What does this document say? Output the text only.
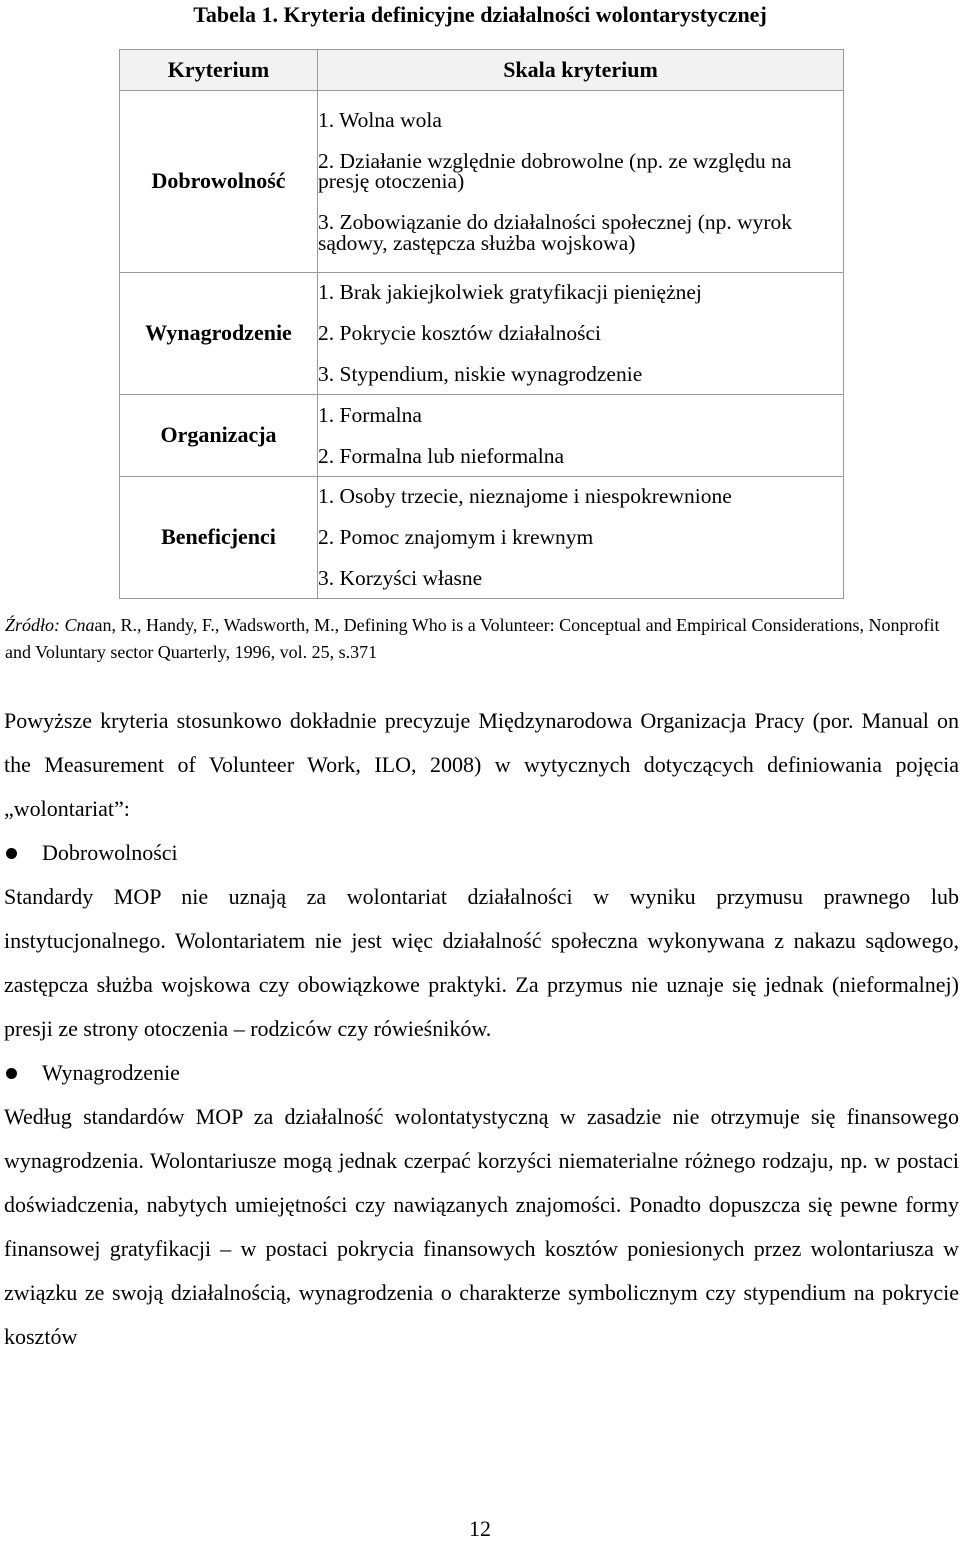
Tabela 1. Kryteria definicyjne działalności wolontarystycznej
Kryterium	Skala kryterium
Dobrowolność	1. Wolna wola
2. Działanie względnie dobrowolne (np. ze względu na presję otoczenia)
3. Zobowiązanie do działalności społecznej (np. wyrok sądowy, zastępcza służba wojskowa)

Wynagrodzenie	1. Brak jakiejkolwiek gratyfikacji pieniężnej
2. Pokrycie kosztów działalności
3. Stypendium, niskie wynagrodzenie

Organizacja	1. Formalna
2. Formalna lub nieformalna

Beneficjenci	1. Osoby trzecie, nieznajome i niespokrewnione
2. Pomoc znajomym i krewnym
3. Korzyści własne
Źródło: Cnaan, R., Handy, F., Wadsworth, M., Defining Who is a Volunteer: Conceptual and Empirical Considerations, Nonprofit and Voluntary sector Quarterly, 1996, vol. 25, s.371

Powyższe kryteria stosunkowo dokładnie precyzuje Międzynarodowa Organizacja Pracy (por. Manual on the Measurement of Volunteer Work, ILO, 2008) w wytycznych dotyczących definiowania pojęcia „wolontariat”:

Dobrowolności

Standardy MOP nie uznają za wolontariat działalności w wyniku przymusu prawnego lub instytucjonalnego. Wolontariatem nie jest więc działalność społeczna wykonywana z nakazu sądowego, zastępcza służba wojskowa czy obowiązkowe praktyki. Za przymus nie uznaje się jednak (nieformalnej) presji ze strony otoczenia – rodziców czy rówieśników.

Wynagrodzenie

Według standardów MOP za działalność wolontatystyczną w zasadzie nie otrzymuje się finansowego wynagrodzenia. Wolontariusze mogą jednak czerpać korzyści niematerialne różnego rodzaju, np. w postaci doświadczenia, nabytych umiejętności czy nawiązanych znajomości. Ponadto dopuszcza się pewne formy finansowej gratyfikacji – w postaci pokrycia finansowych kosztów poniesionych przez wolontariusza w związku ze swoją działalnością, wynagrodzenia o charakterze symbolicznym czy stypendium na pokrycie kosztów

12
